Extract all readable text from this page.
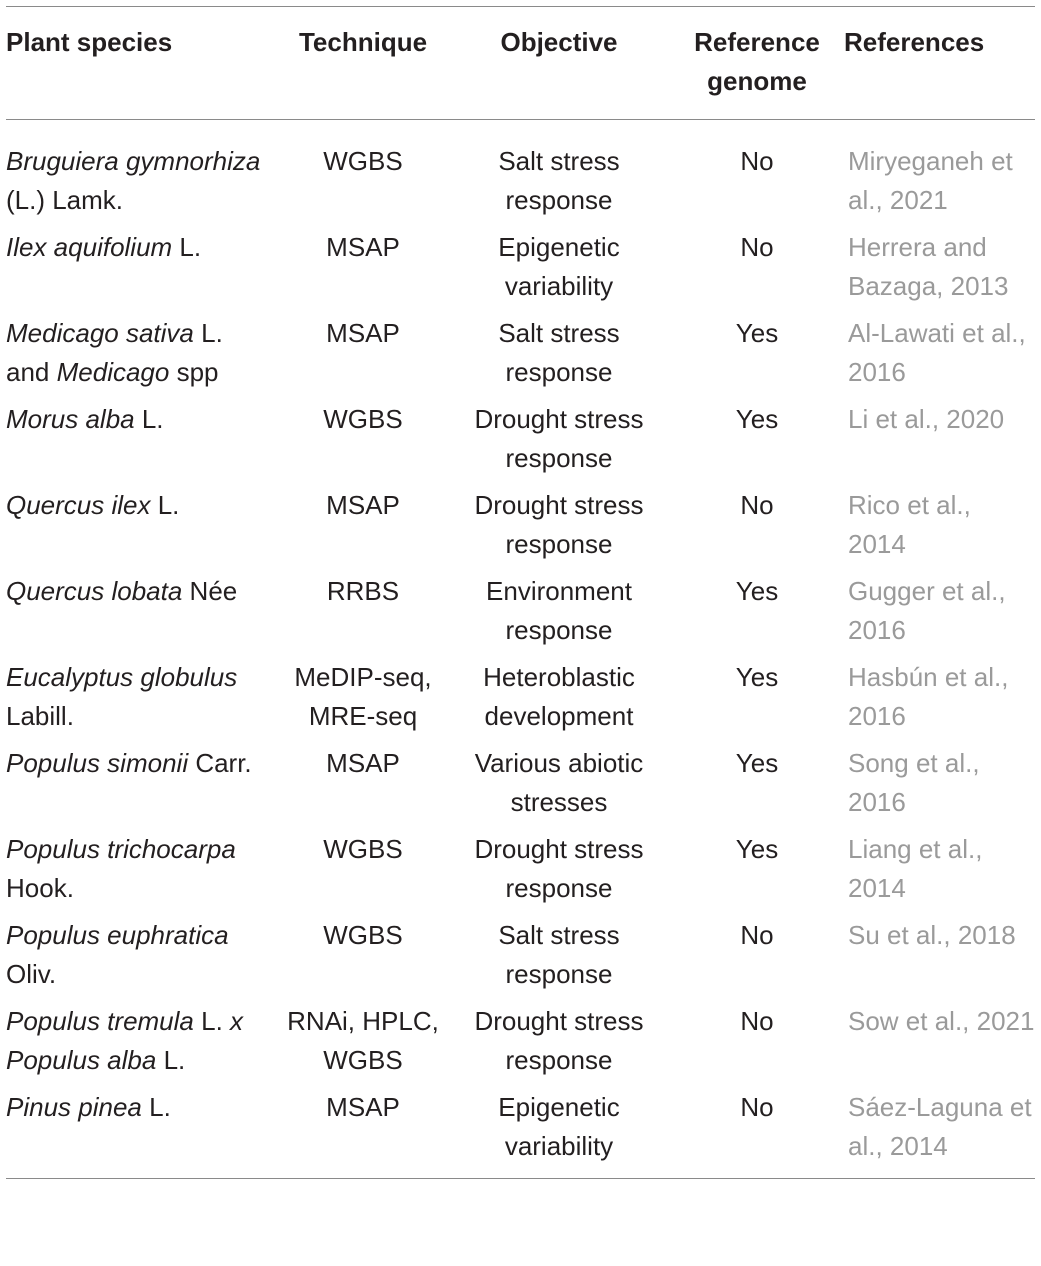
Plant species	Technique	Objective	Reference genome	References
Bruguiera gymnorhiza (L.) Lamk.	WGBS	Salt stress response	No	Miryeganeh et al., 2021
Ilex aquifolium L.	MSAP	Epigenetic variability	No	Herrera and Bazaga, 2013
Medicago sativa L. and Medicago spp	MSAP	Salt stress response	Yes	Al-Lawati et al., 2016
Morus alba L.	WGBS	Drought stress response	Yes	Li et al., 2020
Quercus ilex L.	MSAP	Drought stress response	No	Rico et al., 2014
Quercus lobata Née	RRBS	Environment response	Yes	Gugger et al., 2016
Eucalyptus globulus Labill.	MeDIP-seq, MRE-seq	Heteroblastic development	Yes	Hasbún et al., 2016
Populus simonii Carr.	MSAP	Various abiotic stresses	Yes	Song et al., 2016
Populus trichocarpa Hook.	WGBS	Drought stress response	Yes	Liang et al., 2014
Populus euphratica Oliv.	WGBS	Salt stress response	No	Su et al., 2018
Populus tremula L. x Populus alba L.	RNAi, HPLC, WGBS	Drought stress response	No	Sow et al., 2021
Pinus pinea L.	MSAP	Epigenetic variability	No	Sáez-Laguna et al., 2014
